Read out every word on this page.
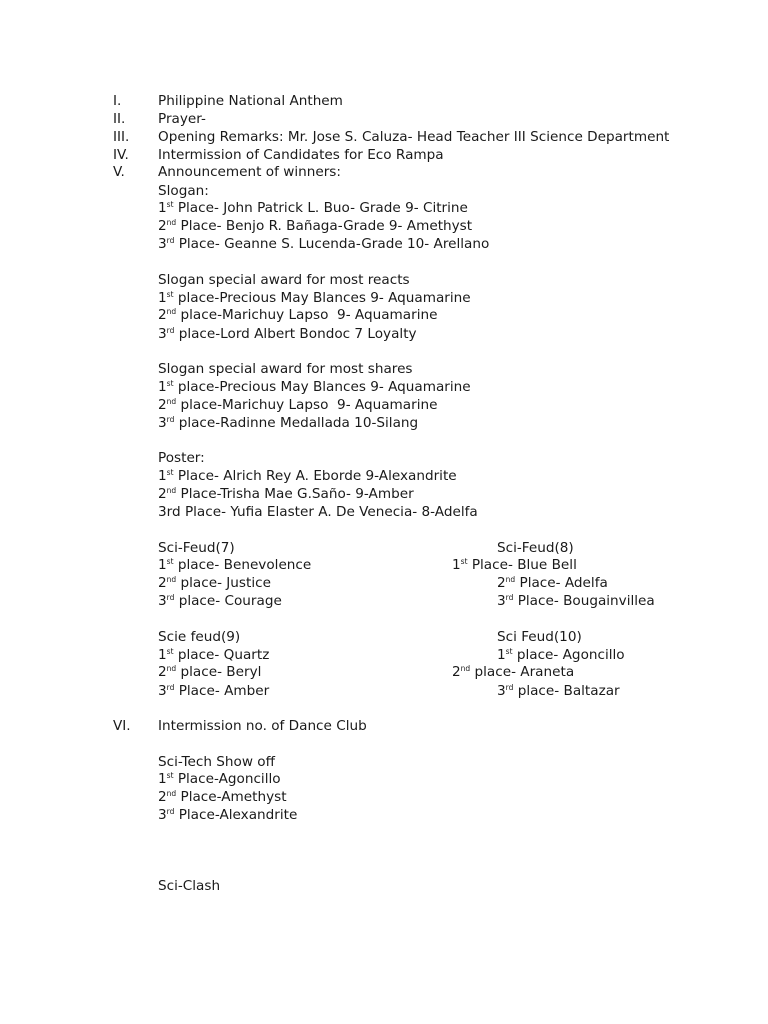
I.	Philippine National Anthem
II. Prayer-
III. Opening Remarks: Mr. Jose S. Caluza- Head Teacher III Science Department
IV. Intermission of Candidates for Eco Rampa
V. Announcement of winners:
Slogan:
1st Place- John Patrick L. Buo- Grade 9- Citrine
2nd Place- Benjo R. Bañaga-Grade 9- Amethyst
3rd Place- Geanne S. Lucenda-Grade 10- Arellano
Slogan special award for most reacts
1st place-Precious May Blances 9- Aquamarine
2nd place-Marichuy Lapso  9- Aquamarine
3rd place-Lord Albert Bondoc 7 Loyalty
Slogan special award for most shares
1st place-Precious May Blances 9- Aquamarine
2nd place-Marichuy Lapso  9- Aquamarine
3rd place-Radinne Medallada 10-Silang
Poster:
1st Place- Alrich Rey A. Eborde 9-Alexandrite
2nd Place-Trisha Mae G.Saño- 9-Amber
3rd Place- Yufia Elaster A. De Venecia- 8-Adelfa
Sci-Feud(7)
1st place- Benevolence
2nd place- Justice
3rd place- Courage
Sci-Feud(8)
1st Place- Blue Bell
2nd Place- Adelfa
3rd Place- Bougainvillea
Scie feud(9)
1st place- Quartz
2nd place- Beryl
3rd Place- Amber
Sci Feud(10)
1st place- Agoncillo
2nd place- Araneta
3rd place- Baltazar
VI. Intermission no. of Dance Club
Sci-Tech Show off
1st Place-Agoncillo
2nd Place-Amethyst
3rd Place-Alexandrite
Sci-Clash
